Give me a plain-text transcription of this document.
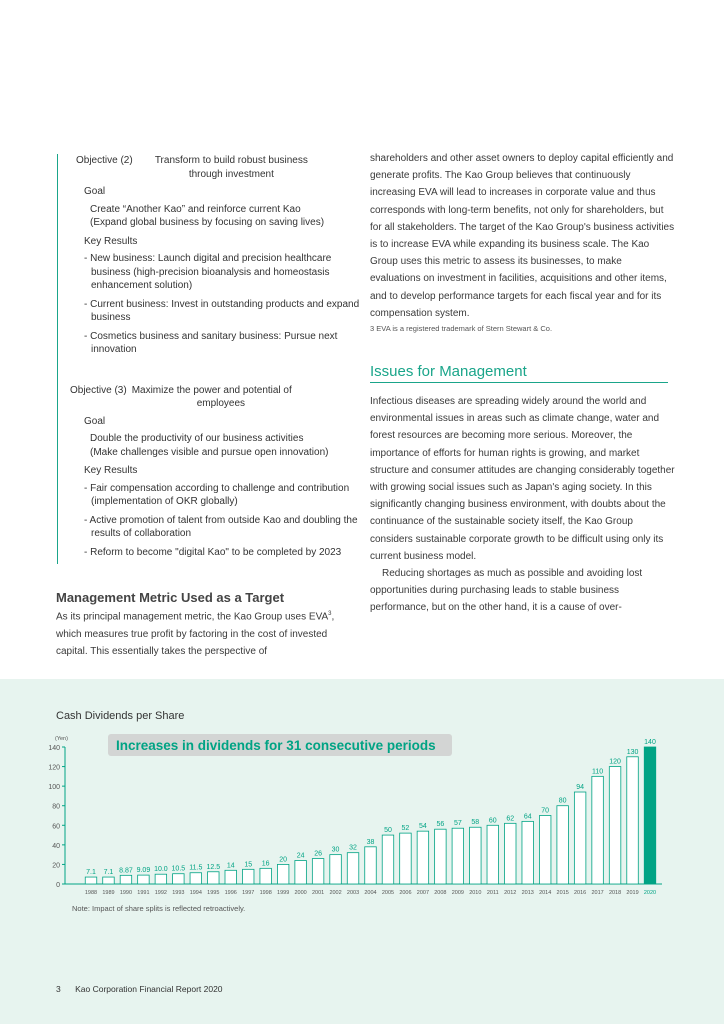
Objective (2)	Transform to build robust business
through investment
Goal
Create “Another Kao” and reinforce current Kao
(Expand global business by focusing on saving lives)
Key Results
- New business: Launch digital and precision healthcare business (high-precision bioanalysis and homeostasis enhancement solution)
- Current business: Invest in outstanding products and expand business
- Cosmetics business and sanitary business: Pursue next innovation
Objective (3) Maximize the power and potential of
employees
Goal
Double the productivity of our business activities
(Make challenges visible and pursue open innovation)
Key Results
- Fair compensation according to challenge and contribution (implementation of OKR globally)
- Active promotion of talent from outside Kao and doubling the results of collaboration
- Reform to become "digital Kao" to be completed by 2023
Management Metric Used as a Target
As its principal management metric, the Kao Group uses EVA$^3$, which measures true profit by factoring in the cost of invested capital. This essentially takes the perspective of
shareholders and other asset owners to deploy capital efficiently and generate profits. The Kao Group believes that continuously increasing EVA will lead to increases in corporate value and thus corresponds with long-term benefits, not only for shareholders, but for all stakeholders. The target of the Kao Group's business activities is to increase EVA while expanding its business scale. The Kao Group uses this metric to assess its businesses, to make evaluations on investment in facilities, acquisitions and other items, and to develop performance targets for each fiscal year and for its compensation system.
3 EVA is a registered trademark of Stern Stewart & Co.
Issues for Management
Infectious diseases are spreading widely around the world and environmental issues in areas such as climate change, water and forest resources are becoming more serious. Moreover, the importance of efforts for human rights is growing, and market structure and consumer attitudes are changing considerably together with growing social issues such as Japan's aging society. In this significantly changing business environment, with doubts about the continuance of the sustainable society itself, the Kao Group considers sustainable corporate growth to be difficult using only its current business model.
Reducing shortages as much as possible and avoiding lost opportunities during purchasing leads to stable business performance, but on the other hand, it is a cause of over-
Cash Dividends per Share
(Yen)
0
20
40
60
80
100
120
140	Increases in dividends for 31 consecutive periods
7.1
1988
7.1
1989
8.87
1990
9.09
1991
10.0
1992
10.5
1993
11.5
1994
12.5
1995
14
1996
15
1997
16
1998
20
1999
24
2000
26
2001
30
2002
32
2003
38
2004
50
2005
52
2006
54
2007
56
2008
57
2009
58
2010
60
2011
62
2012
64
2013
70
2014
80
2015
94
2016
110
2017
120
2018
130
2019
140
2020
Note: Impact of share splits is reflected retroactively.
3 Kao Corporation Financial Report 2020
